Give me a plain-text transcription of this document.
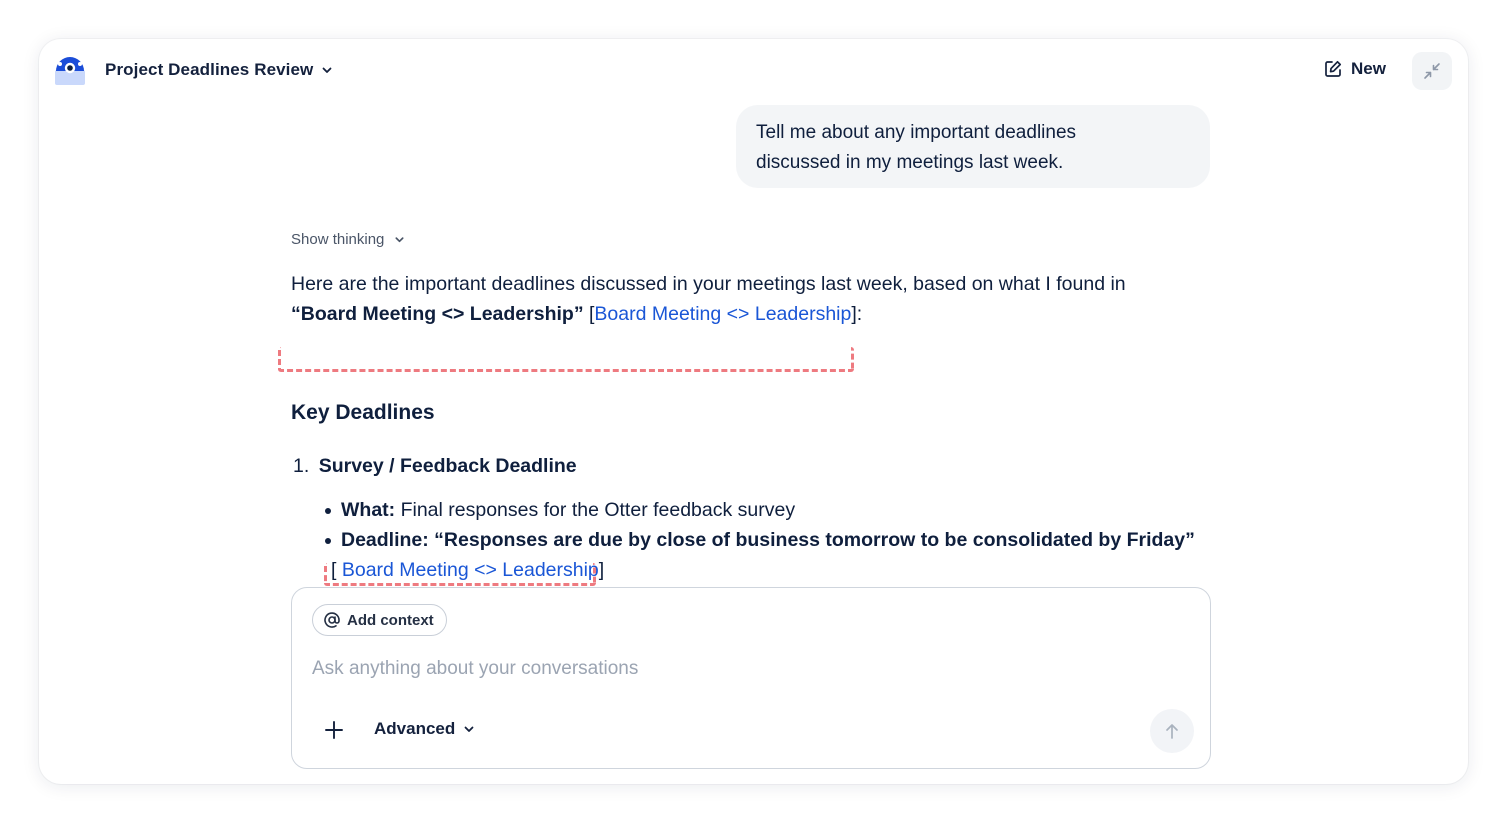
Project Deadlines Review	New
Tell me about any important deadlines
discussed in my meetings last week.
Show thinking
Here are the important deadlines discussed in your meetings last week, based on what I found in
“Board Meeting <> Leadership” [Board Meeting <> Leadership]:
Key Deadlines
1. Survey / Feedback Deadline
What: Final responses for the Otter feedback survey
Deadline: “Responses are due by close of business tomorrow to be consolidated by Friday”
[ Board Meeting <> Leadership]
Add context
Ask anything about your conversations
Advanced
